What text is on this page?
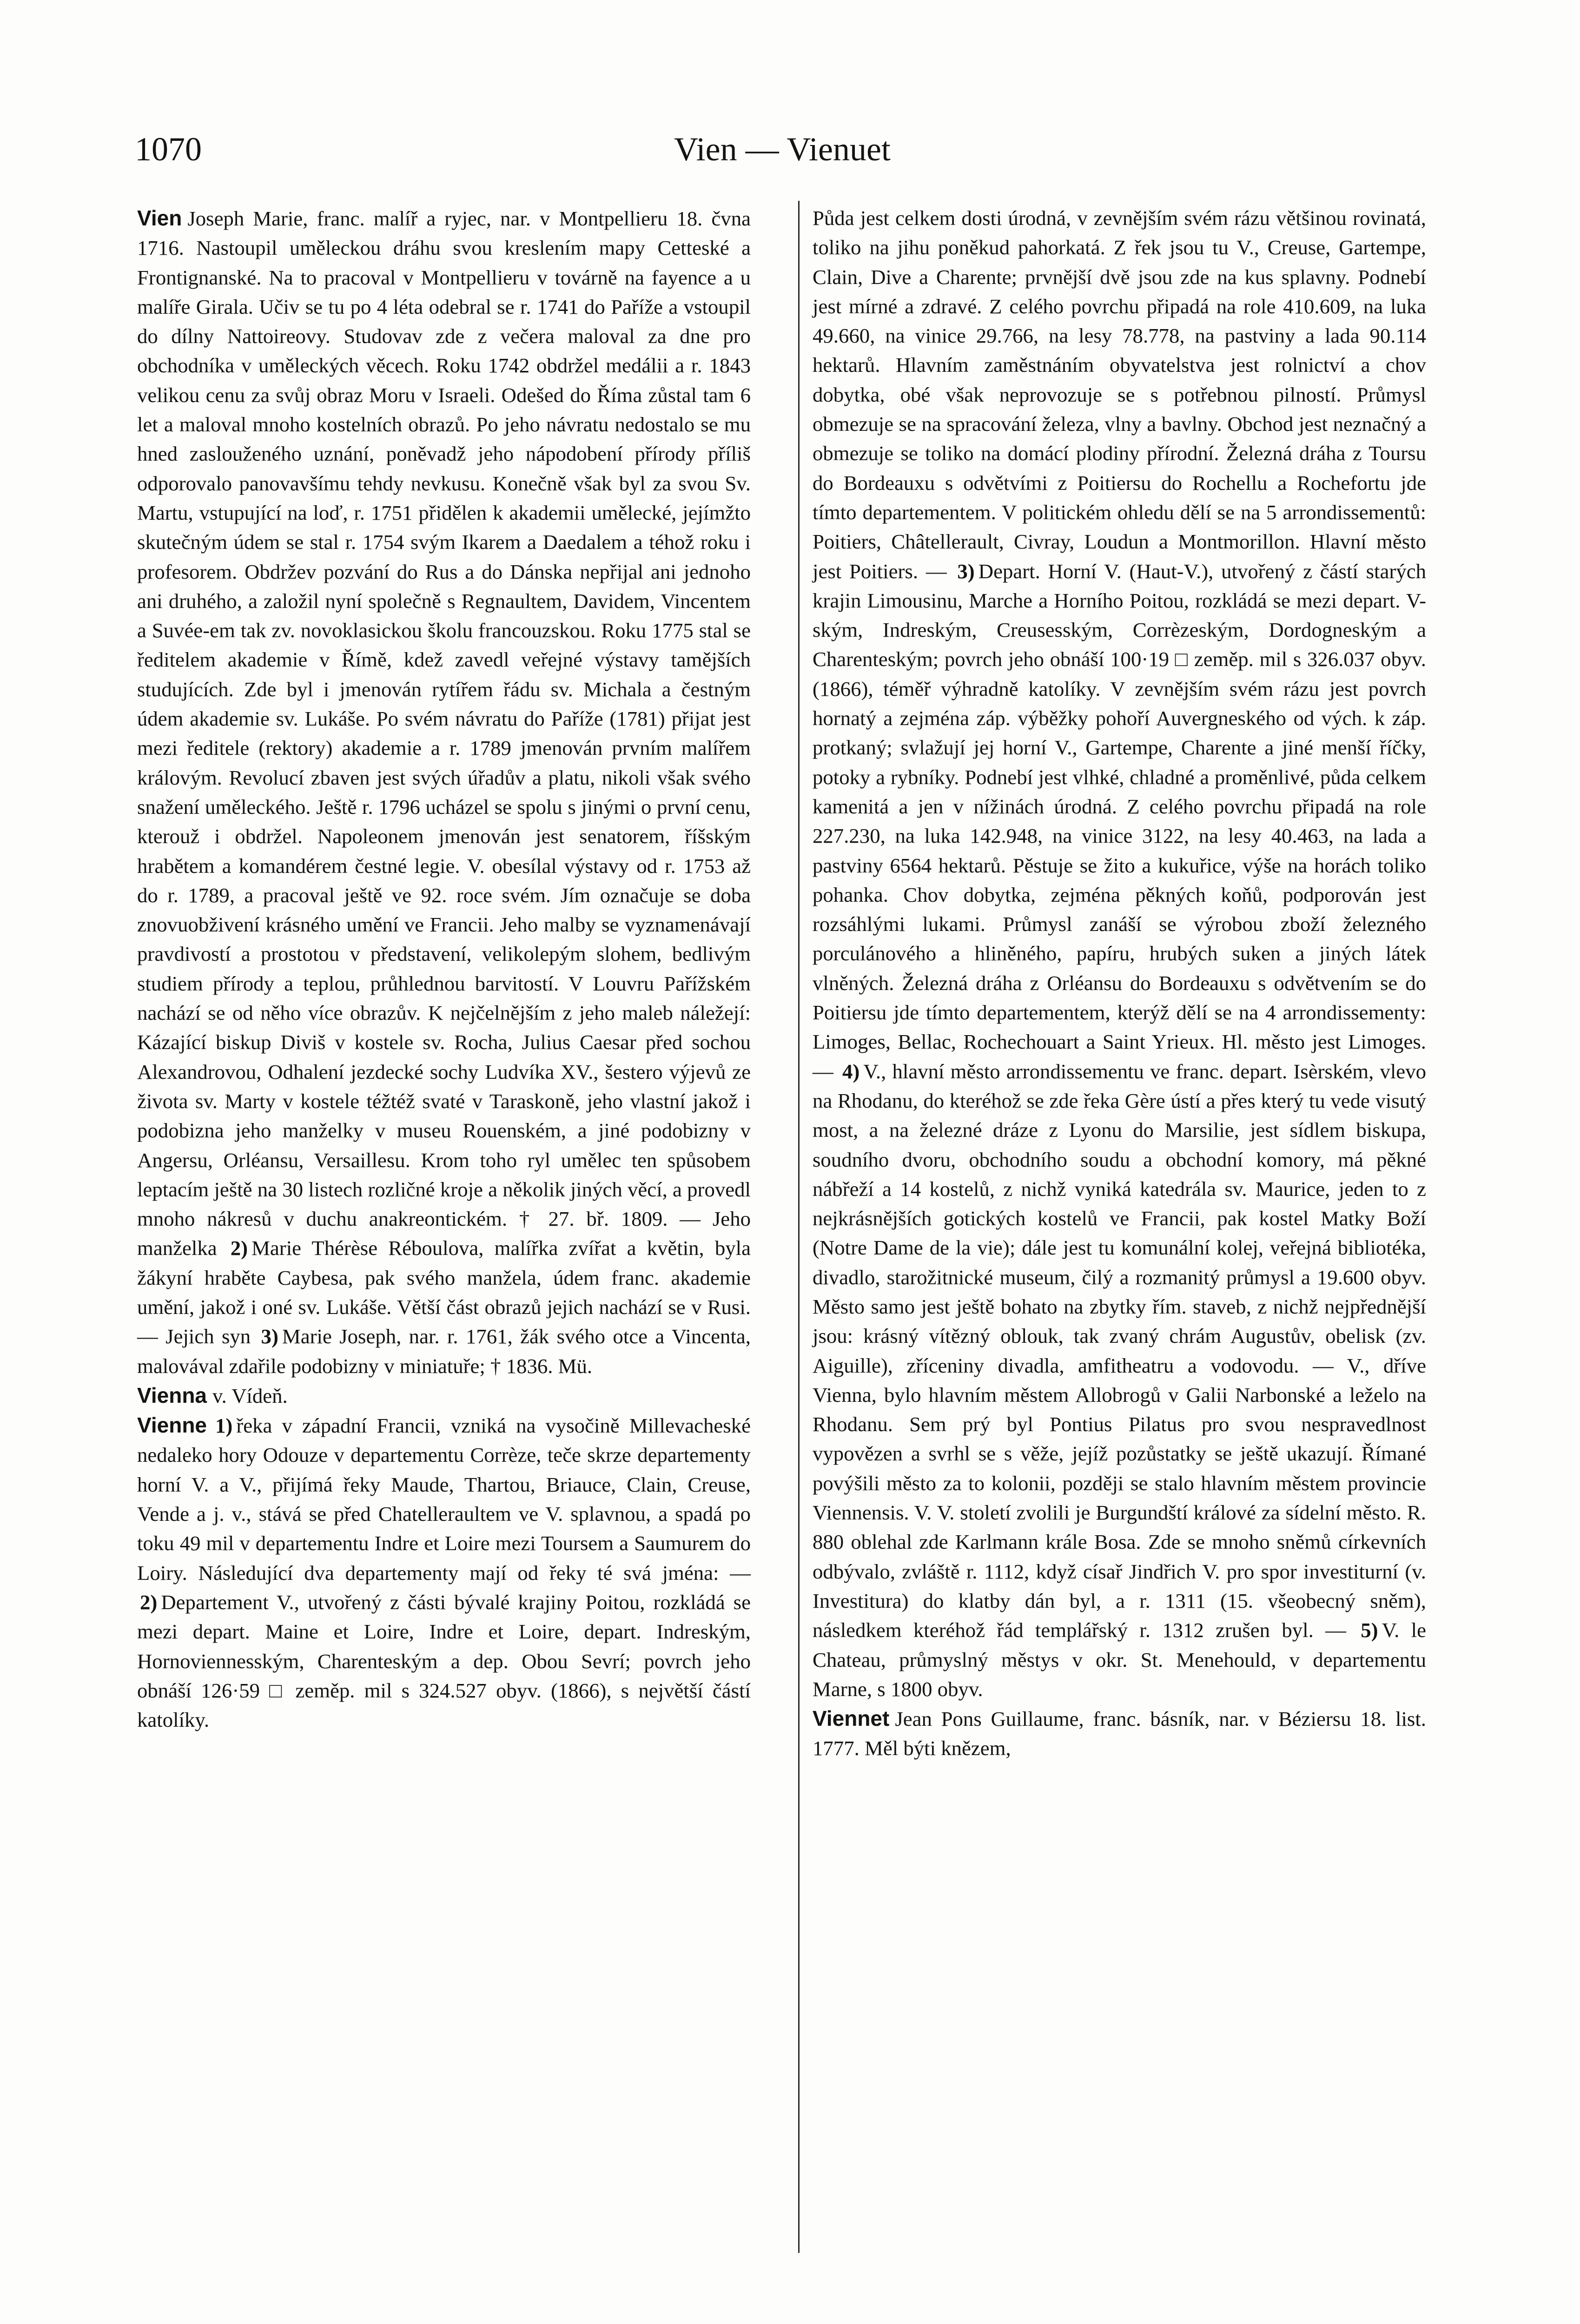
1070	Vien — Vienuet
Vien Joseph Marie, franc. malíř a ryjec, nar. v Montpellieru 18. čvna 1716. Nastoupil uměleckou dráhu svou kreslením mapy Cetteské a Frontignanské. Na to pracoval v Montpellieru v továrně na fayence a u malíře Girala. Učiv se tu po 4 léta odebral se r. 1741 do Paříže a vstoupil do dílny Nattoireovy. Studovav zde z večera maloval za dne pro obchodníka v uměleckých věcech. Roku 1742 obdržel medálii a r. 1843 velikou cenu za svůj obraz Moru v Israeli. Odešed do Říma zůstal tam 6 let a maloval mnoho kostelních obrazů. Po jeho návratu nedostalo se mu hned zaslouženého uznání, poněvadž jeho nápodobení přírody příliš odporovalo panovavšímu tehdy nevkusu. Konečně však byl za svou Sv. Martu, vstupující na loď, r. 1751 přidělen k akademii umělecké, jejímžto skutečným údem se stal r. 1754 svým Ikarem a Daedalem a téhož roku i profesorem. Obdržev pozvání do Rus a do Dánska nepřijal ani jednoho ani druhého, a založil nyní společně s Regnaultem, Davidem, Vincentem a Suvée-em tak zv. novoklasickou školu francouzskou. Roku 1775 stal se ředitelem akademie v Římě, kdež zavedl veřejné výstavy tamějších studujících. Zde byl i jmenován rytířem řádu sv. Michala a čestným údem akademie sv. Lukáše. Po svém návratu do Paříže (1781) přijat jest mezi ředitele (rektory) akademie a r. 1789 jmenován prvním malířem královým. Revolucí zbaven jest svých úřadův a platu, nikoli však svého snažení uměleckého. Ještě r. 1796 ucházel se spolu s jinými o první cenu, kterouž i obdržel. Napoleonem jmenován jest senatorem, říšským hrabětem a komandérem čestné legie. V. obesílal výstavy od r. 1753 až do r. 1789, a pracoval ještě ve 92. roce svém. Jím označuje se doba znovuobživení krásného umění ve Francii. Jeho malby se vyznamenávají pravdivostí a prostotou v představení, velikolepým slohem, bedlivým studiem přírody a teplou, průhlednou barvitostí. V Louvru Pařížském nachází se od něho více obrazův. K nejčelnějším z jeho maleb náležejí: Kázající biskup Diviš v kostele sv. Rocha, Julius Caesar před sochou Alexandrovou, Odhalení jezdecké sochy Ludvíka XV., šestero výjevů ze života sv. Marty v kostele téžtéž svaté v Taraskoně, jeho vlastní jakož i podobizna jeho manželky v museu Rouenském, a jiné podobizny v Angersu, Orléansu, Versaillesu. Krom toho ryl umělec ten spůsobem leptacím ještě na 30 listech rozličné kroje a několik jiných věcí, a provedl mnoho nákresů v duchu anakreontickém. † 27. bř. 1809. — Jeho manželka 2) Marie Thérèse Réboulova, malířka zvířat a květin, byla žákyní hraběte Caybesa, pak svého manžela, údem franc. akademie umění, jakož i oné sv. Lukáše. Větší část obrazů jejich nachází se v Rusi. — Jejich syn 3) Marie Joseph, nar. r. 1761, žák svého otce a Vincenta, malovával zdařile podobizny v miniatuře; † 1836. Mü.
Vienna v. Vídeň.
Vienne 1) řeka v západní Francii, vzniká na vysočině Millevacheské nedaleko hory Odouze v departementu Corrèze, teče skrze departementy horní V. a V., přijímá řeky Maude, Thartou, Briauce, Clain, Creuse, Vende a j. v., stává se před Chatelleraultem ve V. splavnou, a spadá po toku 49 mil v departementu Indre et Loire mezi Toursem a Saumurem do Loiry. Následující dva departementy mají od řeky té svá jména: — 2) Departement V., utvořený z části bývalé krajiny Poitou, rozkládá se mezi depart. Maine et Loire, Indre et Loire, depart. Indreským, Hornoviennesským, Charenteským a dep. Obou Sevrí; povrch jeho obnáší 126·59 □ zeměp. mil s 324.527 obyv. (1866), s největší částí katolíky.
Půda jest celkem dosti úrodná, v zevnějším svém rázu většinou rovinatá, toliko na jihu poněkud pahorkatá. Z řek jsou tu V., Creuse, Gartempe, Clain, Dive a Charente; prvnější dvě jsou zde na kus splavny. Podnebí jest mírné a zdravé. Z celého povrchu připadá na role 410.609, na luka 49.660, na vinice 29.766, na lesy 78.778, na pastviny a lada 90.114 hektarů. Hlavním zaměstnáním obyvatelstva jest rolnictví a chov dobytka, obé však neprovozuje se s potřebnou pilností. Průmysl obmezuje se na spracování železa, vlny a bavlny. Obchod jest neznačný a obmezuje se toliko na domácí plodiny přírodní. Železná dráha z Toursu do Bordeauxu s odvětvími z Poitiersu do Rochellu a Rochefortu jde tímto departementem. V politickém ohledu dělí se na 5 arrondissementů: Poitiers, Châtellerault, Civray, Loudun a Montmorillon. Hlavní město jest Poitiers. — 3) Depart. Horní V. (Haut-V.), utvořený z částí starých krajin Limousinu, Marche a Horního Poitou, rozkládá se mezi depart. V-ským, Indreským, Creusesským, Corrèzeským, Dordogneským a Charenteským; povrch jeho obnáší 100·19 □ zeměp. mil s 326.037 obyv. (1866), téměř výhradně katolíky. V zevnějším svém rázu jest povrch hornatý a zejména záp. výběžky pohoří Auvergneského od vých. k záp. protkaný; svlažují jej horní V., Gartempe, Charente a jiné menší říčky, potoky a rybníky. Podnebí jest vlhké, chladné a proměnlivé, půda celkem kamenitá a jen v nížinách úrodná. Z celého povrchu připadá na role 227.230, na luka 142.948, na vinice 3122, na lesy 40.463, na lada a pastviny 6564 hektarů. Pěstuje se žito a kukuřice, výše na horách toliko pohanka. Chov dobytka, zejména pěkných koňů, podporován jest rozsáhlými lukami. Průmysl zanáší se výrobou zboží železného porculánového a hliněného, papíru, hrubých suken a jiných látek vlněných. Železná dráha z Orléansu do Bordeauxu s odvětvením se do Poitiersu jde tímto departementem, kterýž dělí se na 4 arrondissementy: Limoges, Bellac, Rochechouart a Saint Yrieux. Hl. město jest Limoges. — 4) V., hlavní město arrondissementu ve franc. depart. Isèrském, vlevo na Rhodanu, do kteréhož se zde řeka Gère ústí a přes který tu vede visutý most, a na železné dráze z Lyonu do Marsilie, jest sídlem biskupa, soudního dvoru, obchodního soudu a obchodní komory, má pěkné nábřeží a 14 kostelů, z nichž vyniká katedrála sv. Maurice, jeden to z nejkrásnějších gotických kostelů ve Francii, pak kostel Matky Boží (Notre Dame de la vie); dále jest tu komunální kolej, veřejná bibliotéka, divadlo, starožitnické museum, čilý a rozmanitý průmysl a 19.600 obyv. Město samo jest ještě bohato na zbytky řím. staveb, z nichž nejpřednější jsou: krásný vítězný oblouk, tak zvaný chrám Augustův, obelisk (zv. Aiguille), zříceniny divadla, amfitheatru a vodovodu. — V., dříve Vienna, bylo hlavním městem Allobrogů v Galii Narbonské a leželo na Rhodanu. Sem prý byl Pontius Pilatus pro svou nespravedlnost vypovězen a svrhl se s věže, jejíž pozůstatky se ještě ukazují. Římané povýšili město za to kolonii, později se stalo hlavním městem provincie Viennensis. V. V. století zvolili je Burgundští králové za sídelní město. R. 880 oblehal zde Karlmann krále Bosa. Zde se mnoho sněmů církevních odbývalo, zvláště r. 1112, když císař Jindřich V. pro spor investiturní (v. Investitura) do klatby dán byl, a r. 1311 (15. všeobecný sněm), následkem kteréhož řád templářský r. 1312 zrušen byl. — 5) V. le Chateau, průmyslný městys v okr. St. Menehould, v departementu Marne, s 1800 obyv.
Viennet Jean Pons Guillaume, franc. básník, nar. v Béziersu 18. list. 1777. Měl býti knězem,
